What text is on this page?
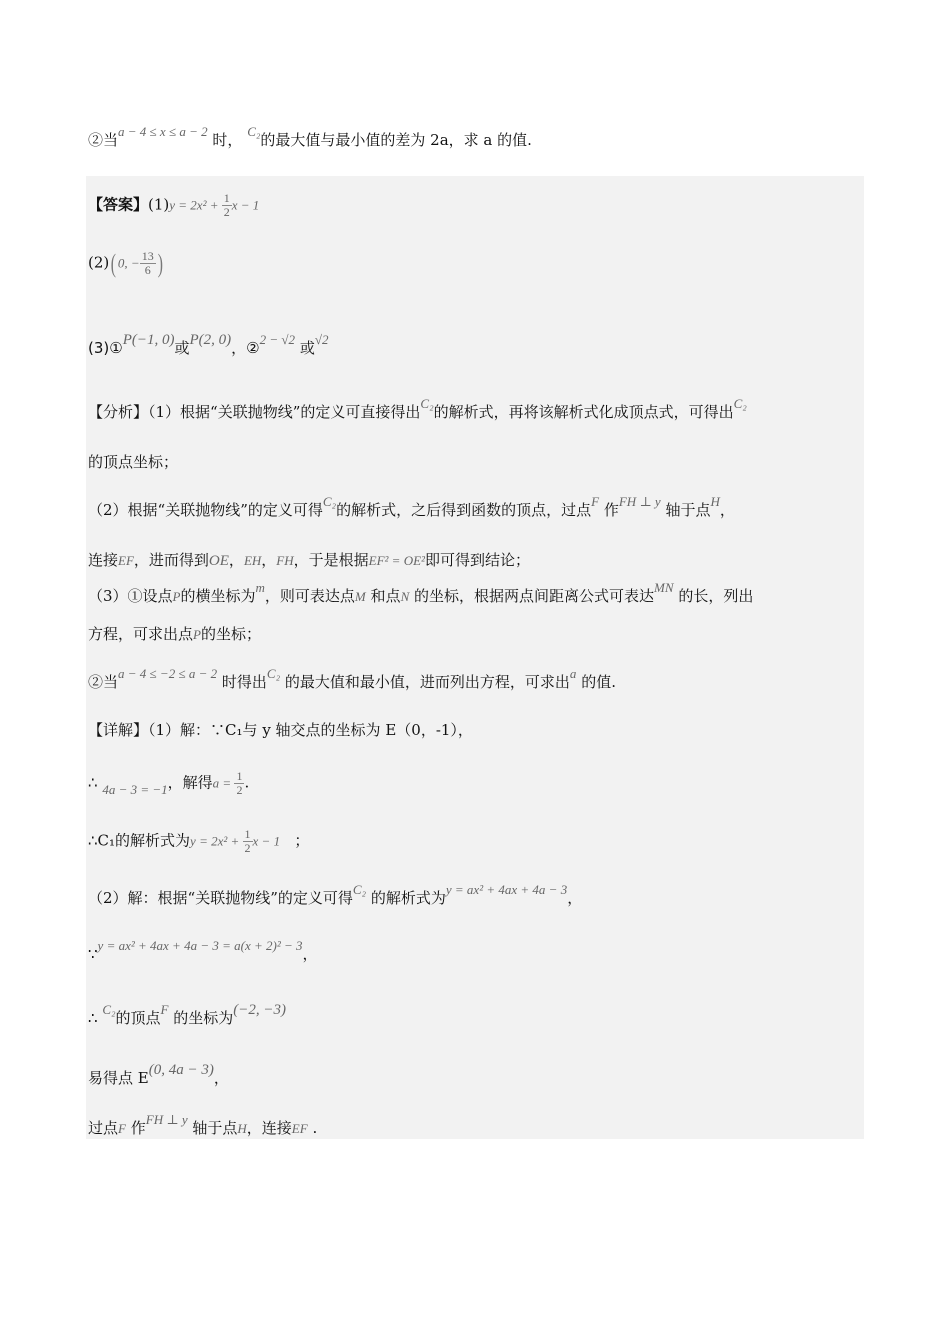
②当a − 4 ≤ x ≤ a − 2 时， C₂的最大值与最小值的差为 2a，求 a 的值.
【答案】$(1)y = 2x^2 + \frac{1}{2}$ x − 1
(2)( 0, − $\frac{13}{6}$ )
(3)①P(−1, 0)或P(2, 0)，②2 − √2 或√2
【分析】（1）根据“关联抛物线”的定义可直接得出C₂的解析式，再将该解析式化成顶点式，可得出C₂
的顶点坐标；
（2）根据“关联抛物线”的定义可得C₂的解析式，之后得到函数的顶点，过点F 作FH ⊥ y 轴于点H，
连接EF，进而得到OE，EH，FH，于是根据EF² = OE²即可得到结论；
（3）①设点P的横坐标为m，则可表达点M 和点N 的坐标，根据两点间距离公式可表达MN 的长，列出
方程，可求出点P的坐标；
②当a − 4 ≤ −2 ≤ a − 2 时得出C₂ 的最大值和最小值，进而列出方程，可求出a 的值.
【详解】（1）解：∵C₁与 y 轴交点的坐标为 E（0，-1），
∴ 4a − 3 = −1，解得$a = \frac{1}{2}$ .
∴C₁的解析式为$y = 2x^2 + \frac{1}{2}$ x − 1 ；
（2）解：根据“关联抛物线”的定义可得C₂ 的解析式为y = ax² + 4ax + 4a − 3，
∵y = ax² + 4ax + 4a − 3 = a(x + 2)² − 3，
∴ C₂的顶点F 的坐标为(−2, −3)
易得点 E(0, 4a − 3)，
过点F 作FH ⊥ y 轴于点H，连接EF .
